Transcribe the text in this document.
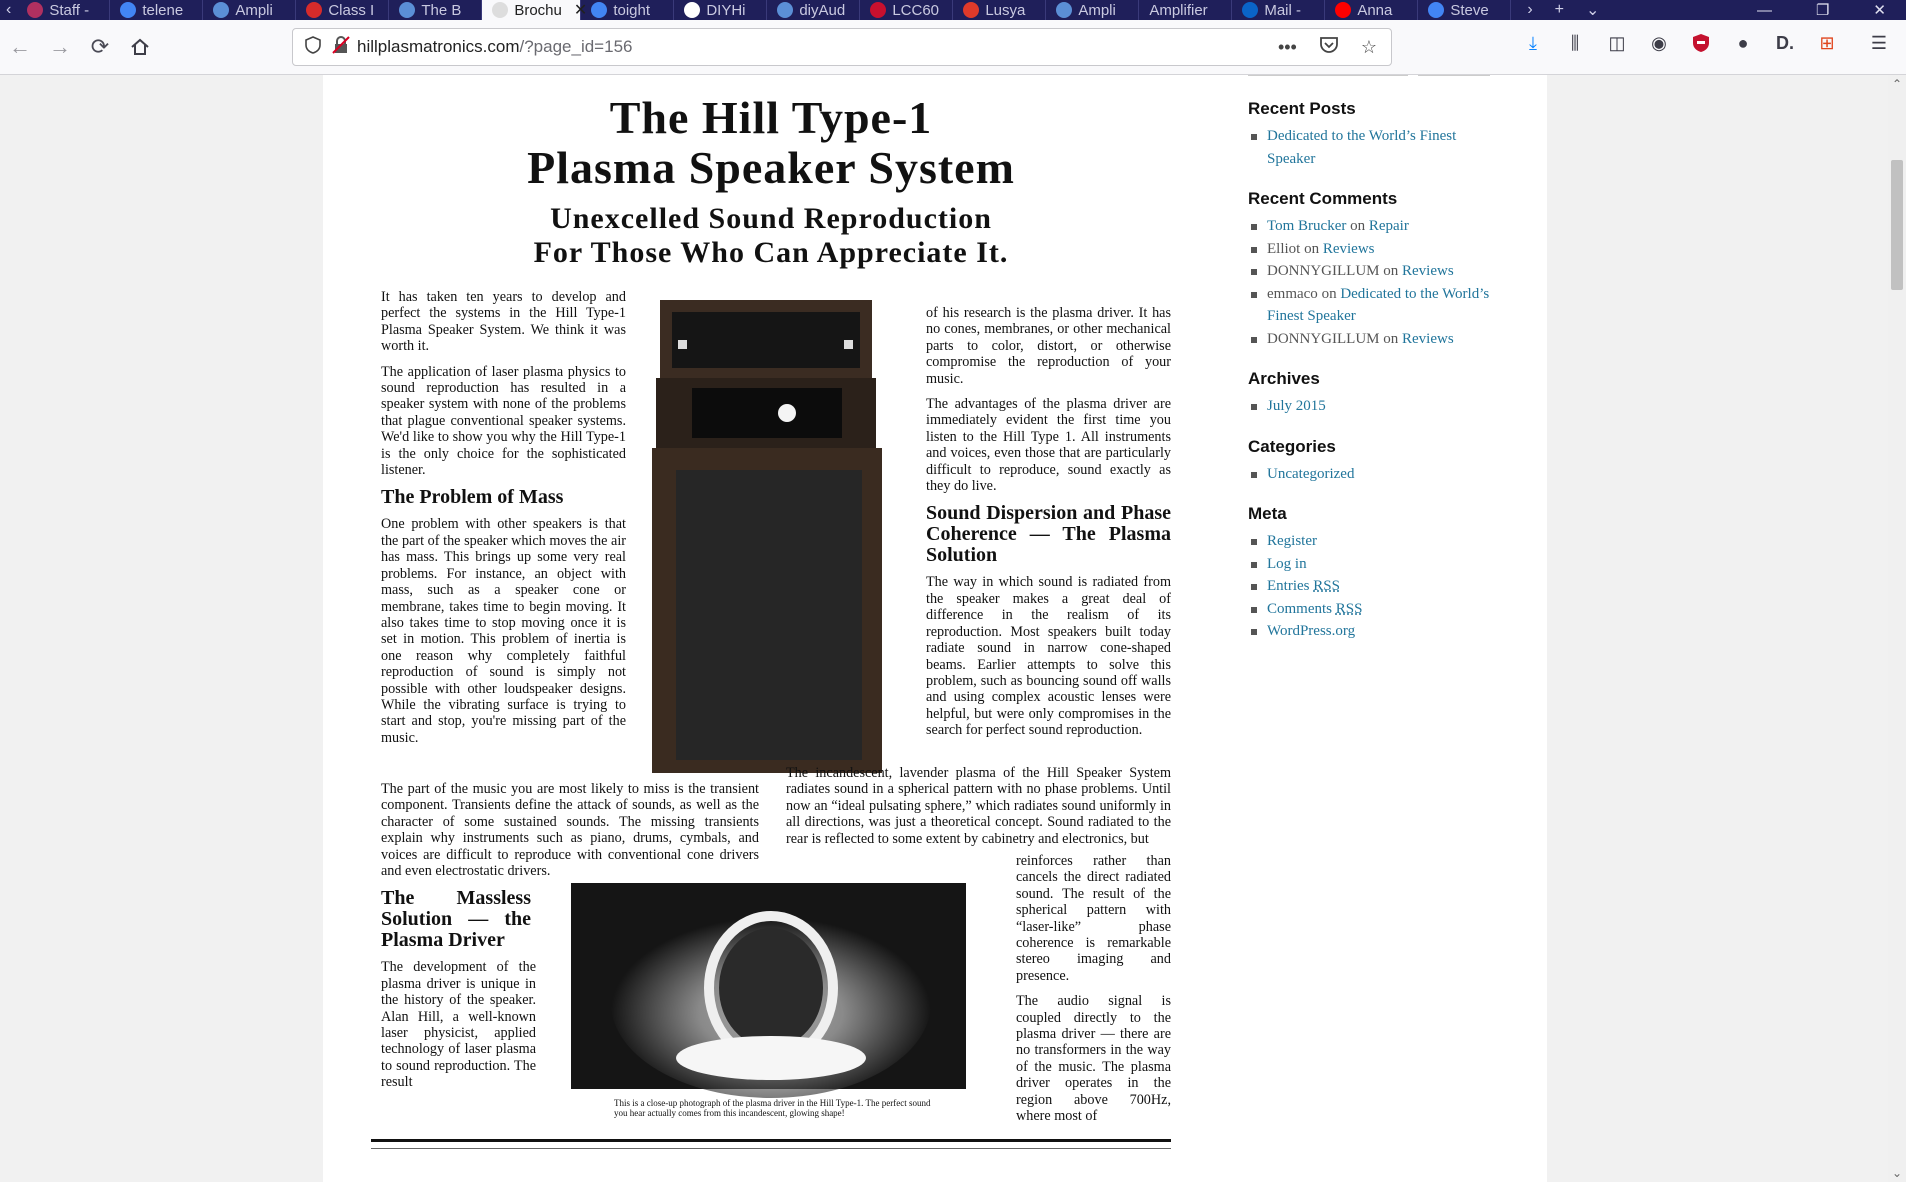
‹	Staff -	telene	Ampli	Class I	The B	Brochu ✕ toight	DIYHi	diyAud	LCC60	Lusya	Ampli Amplifier	Mail -	Anna	Steve › + ⌄	—	❐	✕
← → ⟳	hillplasmatronics.com/?page_id=156	•••	☆	⤓	⫼	◫ ◉	●	D. ⊞ ☰
The Hill Type-1
Plasma Speaker System
Unexcelled Sound Reproduction
For Those Who Can Appreciate It.

It has taken ten years to develop and perfect the systems in the Hill Type-1 Plasma Speaker System. We think it was worth it.

The application of laser plasma physics to sound reproduction has resulted in a speaker system with none of the problems that plague conventional speaker systems. We'd like to show you why the Hill Type-1 is the only choice for the sophisticated listener.

The Problem of Mass

One problem with other speakers is that the part of the speaker which moves the air has mass. This brings up some very real problems. For instance, an object with mass, such as a speaker cone or membrane, takes time to begin moving. It also takes time to stop moving once it is set in motion. This problem of inertia is one reason why completely faithful reproduction of sound is simply not possible with other loudspeaker designs. While the vibrating surface is trying to start and stop, you're missing part of the music.

of his research is the plasma driver. It has no cones, membranes, or other mechanical parts to color, distort, or otherwise compromise the reproduction of your music.

The advantages of the plasma driver are immediately evident the first time you listen to the Hill Type 1. All instruments and voices, even those that are particularly difficult to reproduce, sound exactly as they do live.

Sound Dispersion and Phase Coherence — The Plasma Solution

The way in which sound is radiated from the speaker makes a great deal of difference in the realism of its reproduction. Most speakers built today radiate sound in narrow cone-shaped beams. Earlier attempts to solve this problem, such as bouncing sound off walls and using complex acoustic lenses were helpful, but were only compromises in the search for perfect sound reproduction.

The part of the music you are most likely to miss is the transient component. Transients define the attack of sounds, as well as the character of some sustained sounds. The missing transients explain why instruments such as piano, drums, cymbals, and voices are difficult to reproduce with conventional cone drivers and even electrostatic drivers.

The Massless Solution — the Plasma Driver

The development of the plasma driver is unique in the history of the speaker. Alan Hill, a well-known laser physicist, applied technology of laser plasma to sound reproduction. The result

The incandescent, lavender plasma of the Hill Speaker System radiates sound in a spherical pattern with no phase problems. Until now an “ideal pulsating sphere,” which radiates sound uniformly in all directions, was just a theoretical concept. Sound radiated to the rear is reflected to some extent by cabinetry and electronics, but

reinforces rather than cancels the direct radiated sound. The result of the spherical pattern with “laser-like” phase coherence is remarkable stereo imaging and presence.

The audio signal is coupled directly to the plasma driver — there are no transformers in the way of the music. The plasma driver operates in the region above 700Hz, where most of

This is a close-up photograph of the plasma driver in the Hill Type-1. The perfect sound you hear actually comes from this incandescent, glowing shape!
Recent Posts
Dedicated to the World’s Finest Speaker
Recent Comments
Tom Brucker on Repair
Elliot on Reviews
DONNYGILLUM on Reviews
emmaco on Dedicated to the World’s Finest Speaker
DONNYGILLUM on Reviews
Archives
July 2015
Categories
Uncategorized
Meta
Register
Log in
Entries RSS
Comments RSS
WordPress.org
⌃
⌄
